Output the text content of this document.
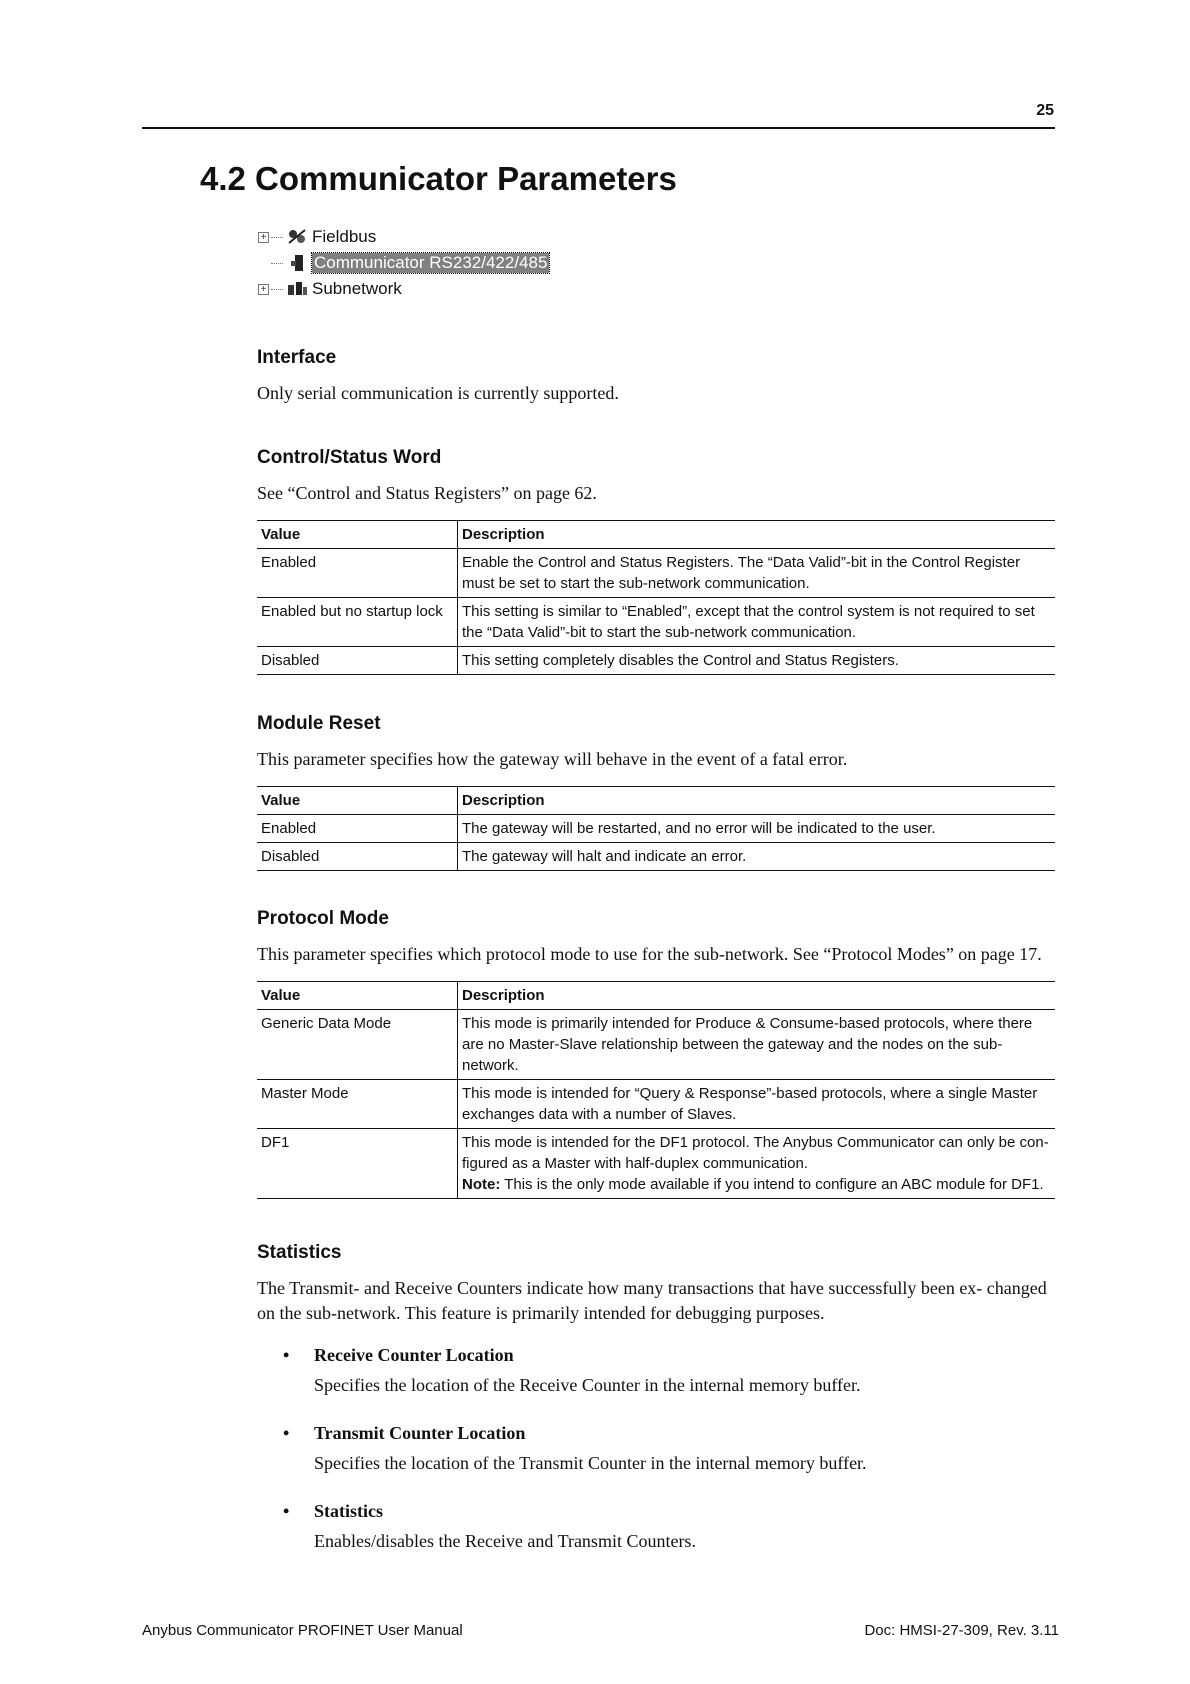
25
4.2 Communicator Parameters
+	Fieldbus
Communicator RS232/422/485
+	Subnetwork
Interface

Only serial communication is currently supported.

Control/Status Word

See “Control and Status Registers” on page 62.

Value	Description
Enabled	Enable the Control and Status Registers. The “Data Valid”-bit in the Control Register must be set to start the sub-network communication.
Enabled but no startup lock	This setting is similar to “Enabled”, except that the control system is not required to set the “Data Valid”-bit to start the sub-network communication.
Disabled	This setting completely disables the Control and Status Registers.
Module Reset

This parameter specifies how the gateway will behave in the event of a fatal error.

Value	Description
Enabled	The gateway will be restarted, and no error will be indicated to the user.
Disabled	The gateway will halt and indicate an error.
Protocol Mode

This parameter specifies which protocol mode to use for the sub-network. See “Protocol Modes” on page 17.

Value	Description
Generic Data Mode	This mode is primarily intended for Produce & Consume-based protocols, where there are no Master-Slave relationship between the gateway and the nodes on the sub-network.
Master Mode	This mode is intended for “Query & Response”-based protocols, where a single Master exchanges data with a number of Slaves.
DF1	This mode is intended for the DF1 protocol. The Anybus Communicator can only be con- figured as a Master with half-duplex communication.
Note: This is the only mode available if you intend to configure an ABC module for DF1.
Statistics

The Transmit- and Receive Counters indicate how many transactions that have successfully been ex- changed on the sub-network. This feature is primarily intended for debugging purposes.

• Receive Counter Location
Specifies the location of the Receive Counter in the internal memory buffer.
• Transmit Counter Location
Specifies the location of the Transmit Counter in the internal memory buffer.
• Statistics
Enables/disables the Receive and Transmit Counters.
Anybus Communicator PROFINET User Manual	Doc: HMSI-27-309, Rev. 3.11
